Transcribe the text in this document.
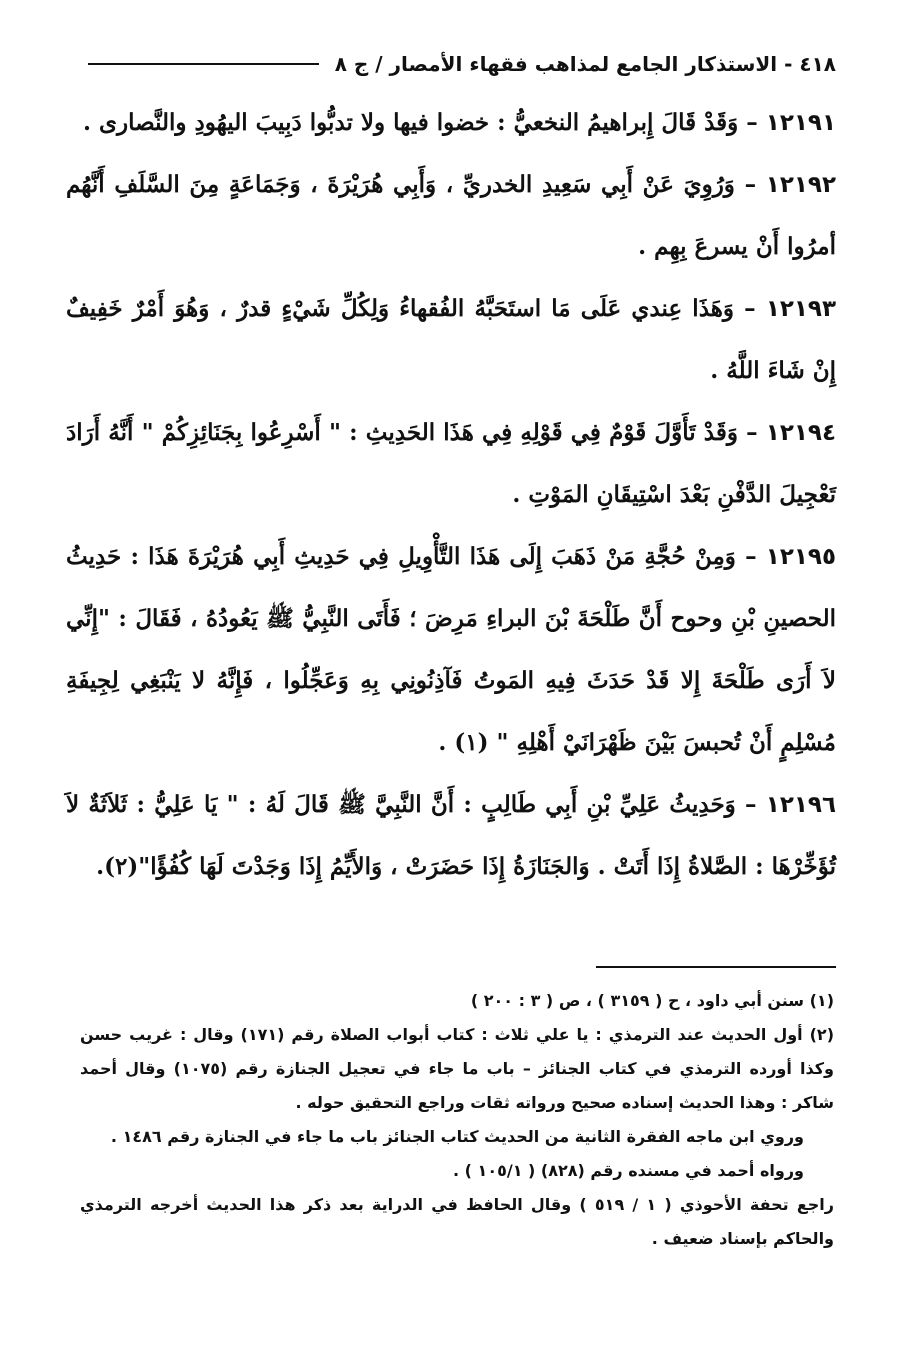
٤١٨ - الاستذكار الجامع لمذاهب فقهاء الأمصار / ج ٨

١٢١٩١ – وَقَدْ قَالَ إِبراهيمُ النخعيُّ : خضوا فيها ولا تدبُّوا دَبِيبَ اليهُودِ والنَّصارى .

١٢١٩٢ – وَرُوِيَ عَنْ أَبِي سَعِيدِ الخدريِّ ، وَأَبِي هُرَيْرَةَ ، وَجَمَاعَةٍ مِنَ السَّلَفِ أَنَّهُم أمرُوا أَنْ يسرعَ بِهِم .

١٢١٩٣ – وَهَذَا عِندي عَلَى مَا استَحَبَّهُ الفُقهاءُ وَلِكُلِّ شَيْءٍ قدرٌ ، وَهُوَ أَمْرٌ خَفِيفٌ إِنْ شَاءَ اللَّهُ .

١٢١٩٤ – وَقَدْ تَأَوَّلَ قَوْمٌ فِي قَوْلِهِ فِي هَذَا الحَدِيثِ : " أَسْرِعُوا بِجَنَائِزِكُمْ " أَنَّهُ أَرَادَ تَعْجِيلَ الدَّفْنِ بَعْدَ اسْتِيقَانِ المَوْتِ .

١٢١٩٥ – وَمِنْ حُجَّةِ مَنْ ذَهَبَ إِلَى هَذَا التَّأْوِيلِ فِي حَدِيثِ أَبِي هُرَيْرَةَ هَذَا : حَدِيثُ الحصينِ بْنِ وحوح أَنَّ طَلْحَةَ بْنَ البراءِ مَرِضَ ؛ فَأَتَى النَّبِيُّ ﷺ يَعُودُهُ ، فَقَالَ : "إِنِّي لاَ أَرَى طَلْحَةَ إِلا قَدْ حَدَثَ فِيهِ المَوتُ فَآذِنُونِي بِهِ وَعَجِّلُوا ، فَإِنَّهُ لا يَنْبَغِي لِجِيفَةِ مُسْلِمٍ أَنْ تُحبسَ بَيْنَ ظَهْرَانَيْ أَهْلِهِ " (١) .

١٢١٩٦ – وَحَدِيثُ عَلِيِّ بْنِ أَبِي طَالِبٍ : أَنَّ النَّبِيَّ ﷺ قَالَ لَهُ : " يَا عَلِيُّ : ثَلاَثَةٌ لاَ تُؤَخِّرْهَا : الصَّلاةُ إِذَا أَتَتْ . وَالجَنَازَةُ إِذَا حَضَرَتْ ، وَالأَيِّمُ إِذَا وَجَدْتَ لَهَا كُفُؤًا"(٢).

(١) سنن أبي داود ، ح ( ٣١٥٩ ) ، ص ( ٣ : ٢٠٠ )

(٢) أول الحديث عند الترمذي : يا علي ثلاث : كتاب أبواب الصلاة رقم (١٧١) وقال : غريب حسن وكذا أورده الترمذي في كتاب الجنائز – باب ما جاء في تعجيل الجنازة رقم (١٠٧٥) وقال أحمد شاكر : وهذا الحديث إسناده صحيح ورواته ثقات وراجع التحقيق حوله .

وروي ابن ماجه الفقرة الثانية من الحديث كتاب الجنائز باب ما جاء في الجنازة رقم ١٤٨٦ .

ورواه أحمد في مسنده رقم (٨٢٨) ( ١٠٥/١ ) .

راجع تحفة الأحوذي ( ١ / ٥١٩ ) وقال الحافظ في الدراية بعد ذكر هذا الحديث أخرجه الترمذي والحاكم بإسناد ضعيف .
